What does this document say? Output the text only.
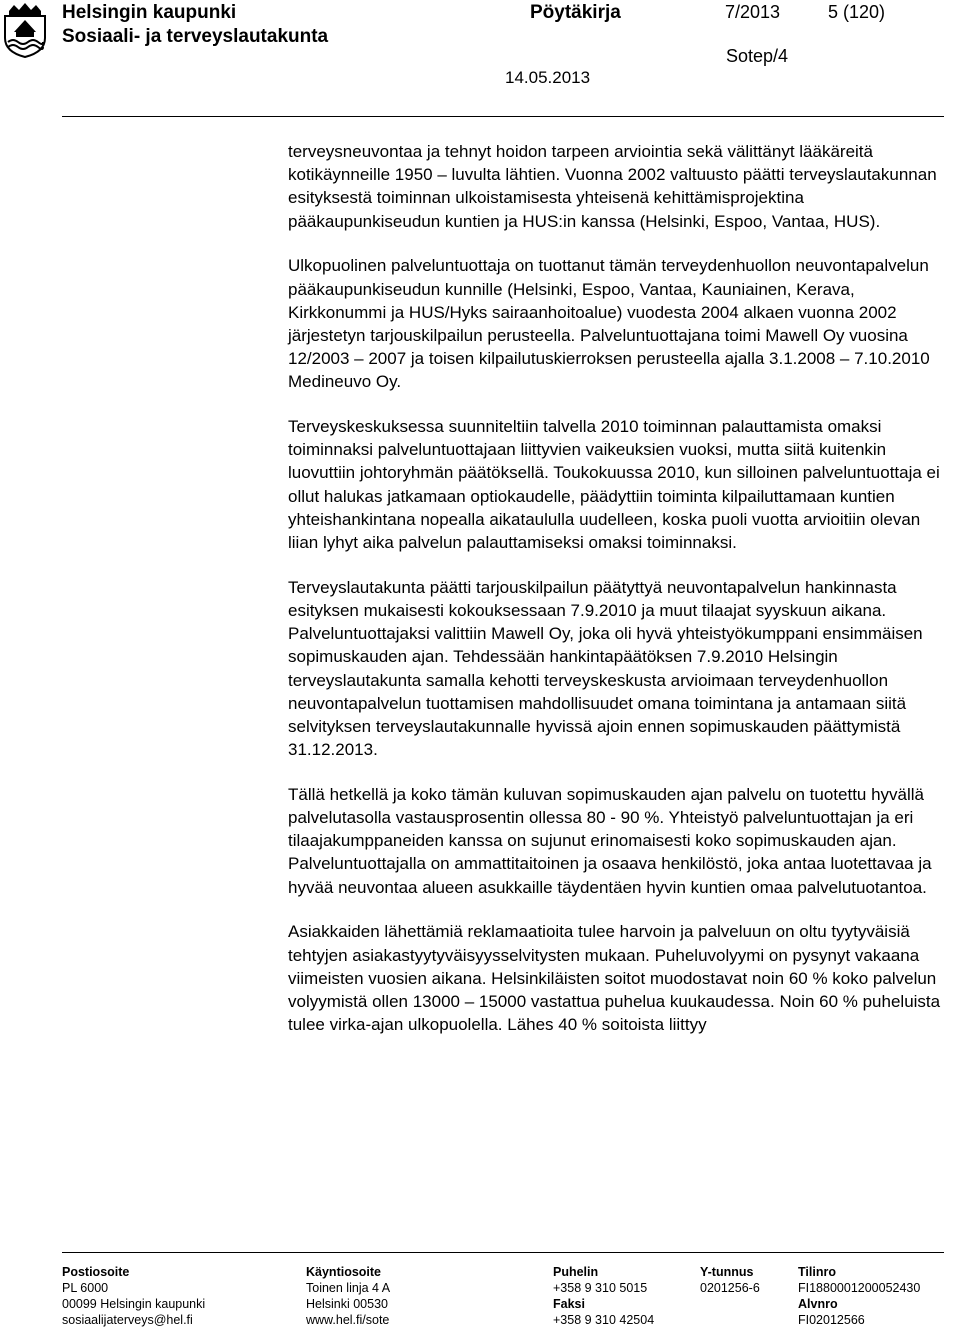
Helsingin kaupunki
Sosiaali- ja terveyslautakunta
Pöytäkirja	7/2013	5 (120)
Sotep/4
14.05.2013

terveysneuvontaa ja tehnyt hoidon tarpeen arviointia sekä välittänyt lääkäreitä kotikäynneille 1950 – luvulta lähtien. Vuonna 2002 valtuusto päätti terveyslautakunnan esityksestä toiminnan ulkoistamisesta yhteisenä kehittämisprojektina pääkaupunkiseudun kuntien ja HUS:in kanssa (Helsinki, Espoo, Vantaa, HUS).

Ulkopuolinen palveluntuottaja on tuottanut tämän terveydenhuollon neuvontapalvelun pääkaupunkiseudun kunnille (Helsinki, Espoo, Vantaa, Kauniainen, Kerava, Kirkkonummi ja HUS/Hyks sairaanhoitoalue) vuodesta 2004 alkaen vuonna 2002 järjestetyn tarjouskilpailun perusteella. Palveluntuottajana toimi Mawell Oy vuosina 12/2003 – 2007 ja toisen kilpailutuskierroksen perusteella ajalla 3.1.2008 – 7.10.2010 Medineuvo Oy.

Terveyskeskuksessa suunniteltiin talvella 2010 toiminnan palauttamista omaksi toiminnaksi palveluntuottajaan liittyvien vaikeuksien vuoksi, mutta siitä kuitenkin luovuttiin johtoryhmän päätöksellä. Toukokuussa 2010, kun silloinen palveluntuottaja ei ollut halukas jatkamaan optiokaudelle, päädyttiin toiminta kilpailuttamaan kuntien yhteishankintana nopealla aikataululla uudelleen, koska puoli vuotta arvioitiin olevan liian lyhyt aika palvelun palauttamiseksi omaksi toiminnaksi.

Terveyslautakunta päätti tarjouskilpailun päätyttyä neuvontapalvelun hankinnasta esityksen mukaisesti kokouksessaan 7.9.2010 ja muut tilaajat syyskuun aikana. Palveluntuottajaksi valittiin Mawell Oy, joka oli hyvä yhteistyökumppani ensimmäisen sopimuskauden ajan. Tehdessään hankintapäätöksen 7.9.2010 Helsingin terveyslautakunta samalla kehotti terveyskeskusta arvioimaan terveydenhuollon neuvontapalvelun tuottamisen mahdollisuudet omana toimintana ja antamaan siitä selvityksen terveyslautakunnalle hyvissä ajoin ennen sopimuskauden päättymistä 31.12.2013.

Tällä hetkellä ja koko tämän kuluvan sopimuskauden ajan palvelu on tuotettu hyvällä palvelutasolla vastausprosentin ollessa 80 - 90 %. Yhteistyö palveluntuottajan ja eri tilaajakumppaneiden kanssa on sujunut erinomaisesti koko sopimuskauden ajan. Palveluntuottajalla on ammattitaitoinen ja osaava henkilöstö, joka antaa luotettavaa ja hyvää neuvontaa alueen asukkaille täydentäen hyvin kuntien omaa palvelutuotantoa.

Asiakkaiden lähettämiä reklamaatioita tulee harvoin ja palveluun on oltu tyytyväisiä tehtyjen asiakastyytyväisyysselvitysten mukaan. Puheluvolyymi on pysynyt vakaana viimeisten vuosien aikana. Helsinkiläisten soitot muodostavat noin 60 % koko palvelun volyymistä ollen 13000 – 15000 vastattua puhelua kuukaudessa. Noin 60 % puheluista tulee virka-ajan ulkopuolella. Lähes 40 % soitoista liittyy

Postiosoite
PL 6000
00099 Helsingin kaupunki
sosiaalijaterveys@hel.fi
Käyntiosoite
Toinen linja 4 A
Helsinki 00530
www.hel.fi/sote
Puhelin
+358 9 310 5015
Faksi
+358 9 310 42504
Y-tunnus
0201256-6
Tilinro
FI1880001200052430
Alvnro
FI02012566
